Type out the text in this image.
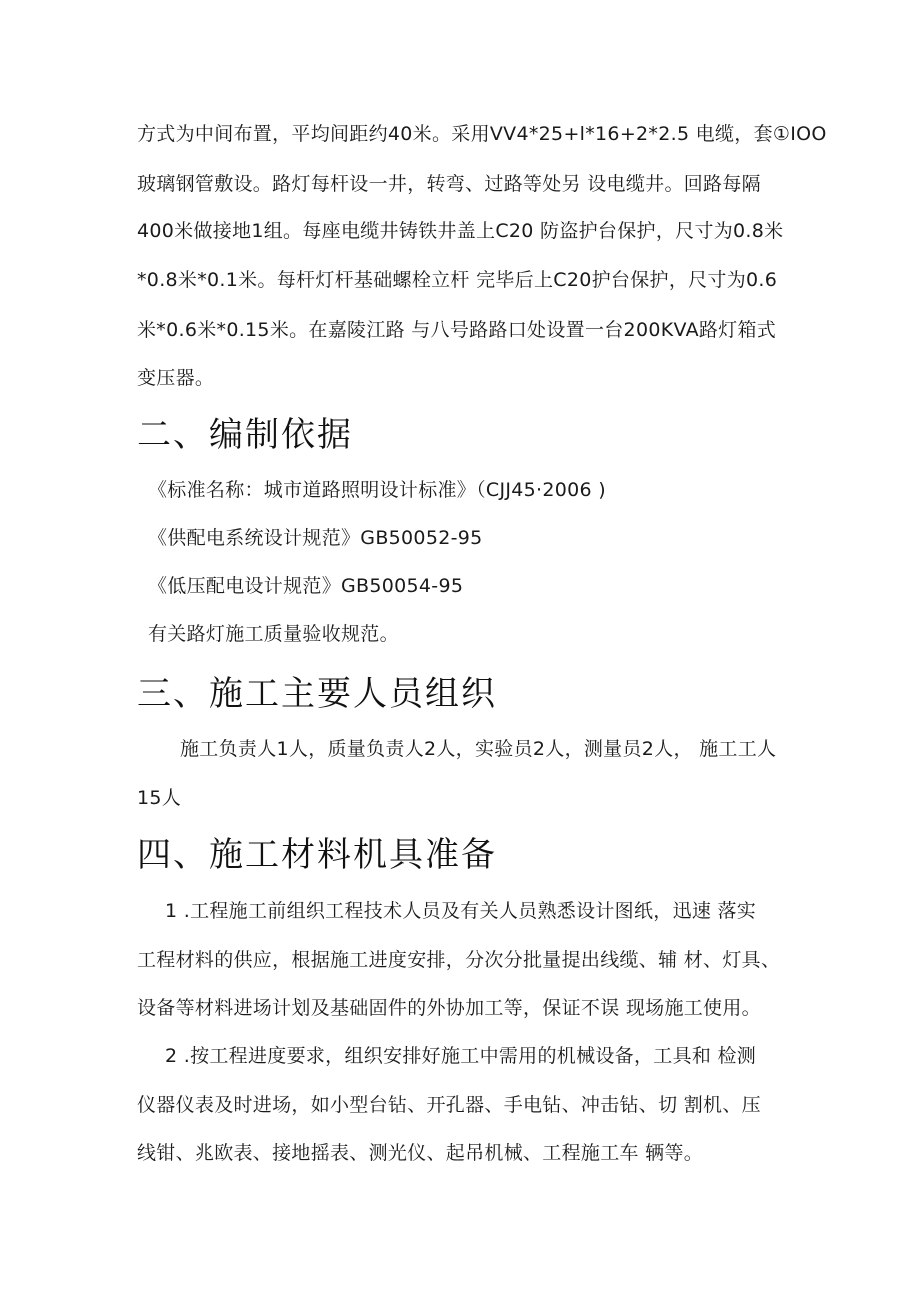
方式为中间布置，平均间距约40米。采用VV4*25+l*16+2*2.5 电缆，套①IOO
玻璃钢管敷设。路灯每杆设一井，转弯、过路等处另 设电缆井。回路每隔
400米做接地1组。每座电缆井铸铁井盖上C20 防盗护台保护，尺寸为0.8米
*0.8米*0.1米。每杆灯杆基础螺栓立杆 完毕后上C20护台保护，尺寸为0.6
米*0.6米*0.15米。在嘉陵江路 与八号路路口处设置一台200KVA路灯箱式
变压器。
二、编制依据
《标准名称：城市道路照明设计标准》（CJJ45·2006 )
《供配电系统设计规范》GB50052-95
《低压配电设计规范》GB50054-95
有关路灯施工质量验收规范。
三、施工主要人员组织
施工负责人1人，质量负责人2人，实验员2人，测量员2人， 施工工人
15人
四、施工材料机具准备
1 .工程施工前组织工程技术人员及有关人员熟悉设计图纸，迅速 落实
工程材料的供应，根据施工进度安排，分次分批量提出线缆、辅 材、灯具、
设备等材料进场计划及基础固件的外协加工等，保证不误 现场施工使用。
2 .按工程进度要求，组织安排好施工中需用的机械设备，工具和 检测
仪器仪表及时进场，如小型台钻、开孔器、手电钻、冲击钻、切 割机、压
线钳、兆欧表、接地摇表、测光仪、起吊机械、工程施工车 辆等。
